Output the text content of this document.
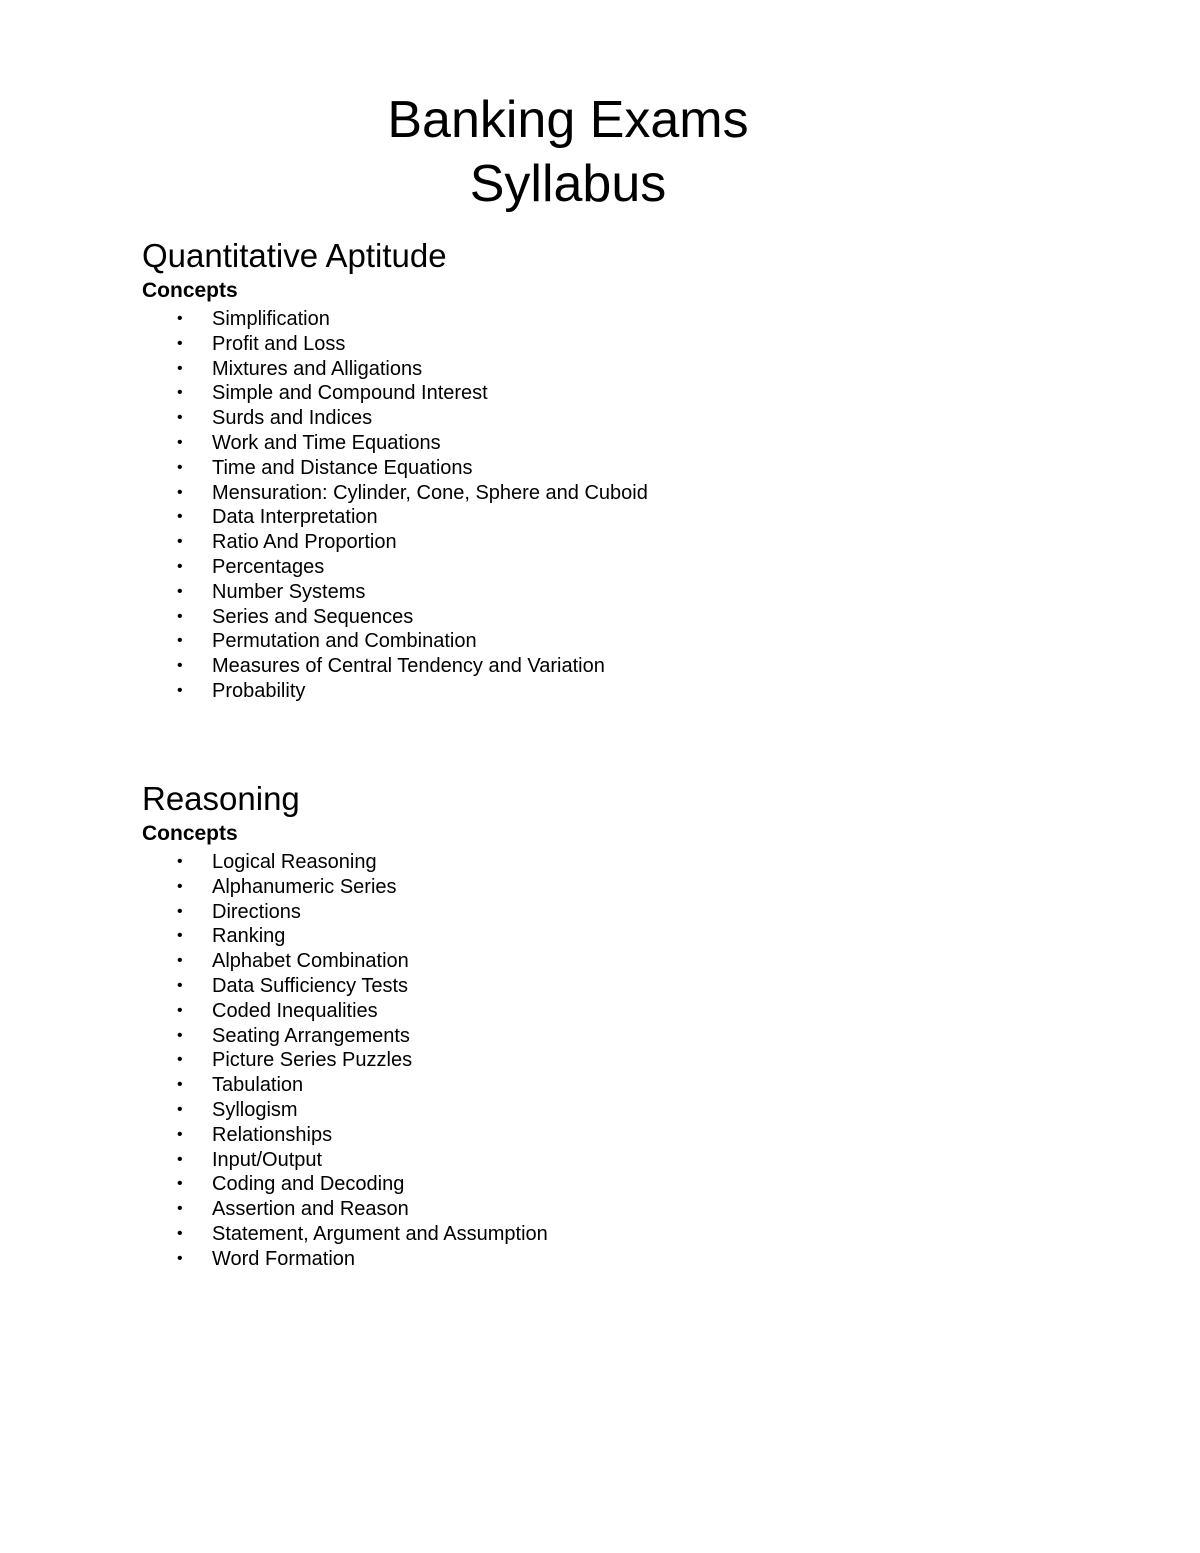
Banking Exams
Syllabus
Quantitative Aptitude
Concepts
• Simplification
• Profit and Loss
• Mixtures and Alligations
• Simple and Compound Interest
• Surds and Indices
• Work and Time Equations
• Time and Distance Equations
• Mensuration: Cylinder, Cone, Sphere and Cuboid
• Data Interpretation
• Ratio And Proportion
• Percentages
• Number Systems
• Series and Sequences
• Permutation and Combination
• Measures of Central Tendency and Variation
• Probability
Reasoning
Concepts
• Logical Reasoning
• Alphanumeric Series
• Directions
• Ranking
• Alphabet Combination
• Data Sufficiency Tests
• Coded Inequalities
• Seating Arrangements
• Picture Series Puzzles
• Tabulation
• Syllogism
• Relationships
• Input/Output
• Coding and Decoding
• Assertion and Reason
• Statement, Argument and Assumption
• Word Formation
